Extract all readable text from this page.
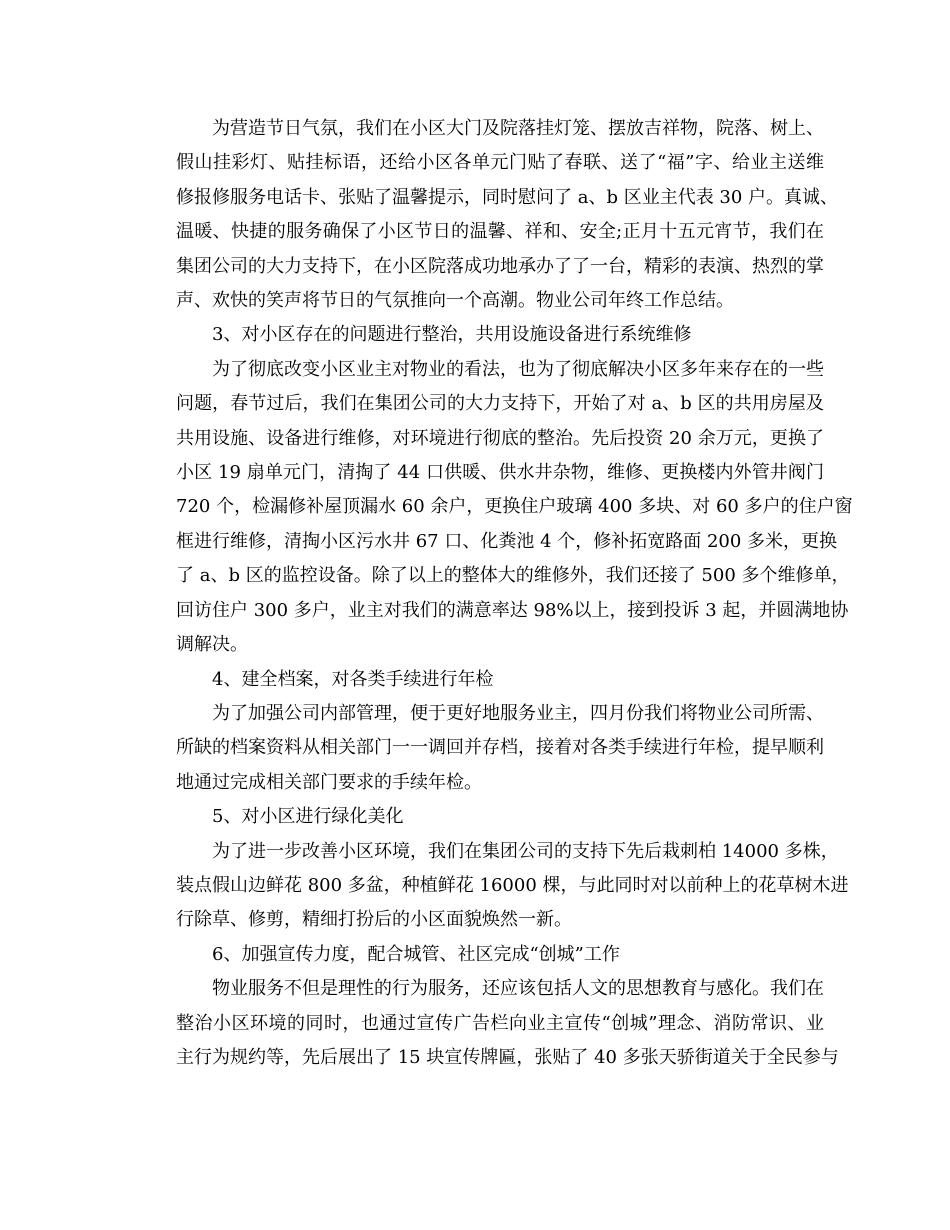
为营造节日气氛，我们在小区大门及院落挂灯笼、摆放吉祥物，院落、树上、
假山挂彩灯、贴挂标语，还给小区各单元门贴了春联、送了“福”字、给业主送维
修报修服务电话卡、张贴了温馨提示，同时慰问了 a、b 区业主代表 30 户。真诚、
温暖、快捷的服务确保了小区节日的温馨、祥和、安全;正月十五元宵节，我们在
集团公司的大力支持下，在小区院落成功地承办了了一台，精彩的表演、热烈的掌
声、欢快的笑声将节日的气氛推向一个高潮。物业公司年终工作总结。
3、对小区存在的问题进行整治，共用设施设备进行系统维修
为了彻底改变小区业主对物业的看法，也为了彻底解决小区多年来存在的一些
问题，春节过后，我们在集团公司的大力支持下，开始了对 a、b 区的共用房屋及
共用设施、设备进行维修，对环境进行彻底的整治。先后投资 20 余万元，更换了
小区 19 扇单元门，清掏了 44 口供暖、供水井杂物，维修、更换楼内外管井阀门
720 个，检漏修补屋顶漏水 60 余户，更换住户玻璃 400 多块、对 60 多户的住户窗
框进行维修，清掏小区污水井 67 口、化粪池 4 个，修补拓宽路面 200 多米，更换
了 a、b 区的监控设备。除了以上的整体大的维修外，我们还接了 500 多个维修单，
回访住户 300 多户，业主对我们的满意率达 98%以上，接到投诉 3 起，并圆满地协
调解决。
4、建全档案，对各类手续进行年检
为了加强公司内部管理，便于更好地服务业主，四月份我们将物业公司所需、
所缺的档案资料从相关部门一一调回并存档，接着对各类手续进行年检，提早顺利
地通过完成相关部门要求的手续年检。
5、对小区进行绿化美化
为了进一步改善小区环境，我们在集团公司的支持下先后栽刺柏 14000 多株，
装点假山边鲜花 800 多盆，种植鲜花 16000 棵，与此同时对以前种上的花草树木进
行除草、修剪，精细打扮后的小区面貌焕然一新。
6、加强宣传力度，配合城管、社区完成“创城”工作
物业服务不但是理性的行为服务，还应该包括人文的思想教育与感化。我们在
整治小区环境的同时，也通过宣传广告栏向业主宣传“创城”理念、消防常识、业
主行为规约等，先后展出了 15 块宣传牌匾，张贴了 40 多张天骄街道关于全民参与
